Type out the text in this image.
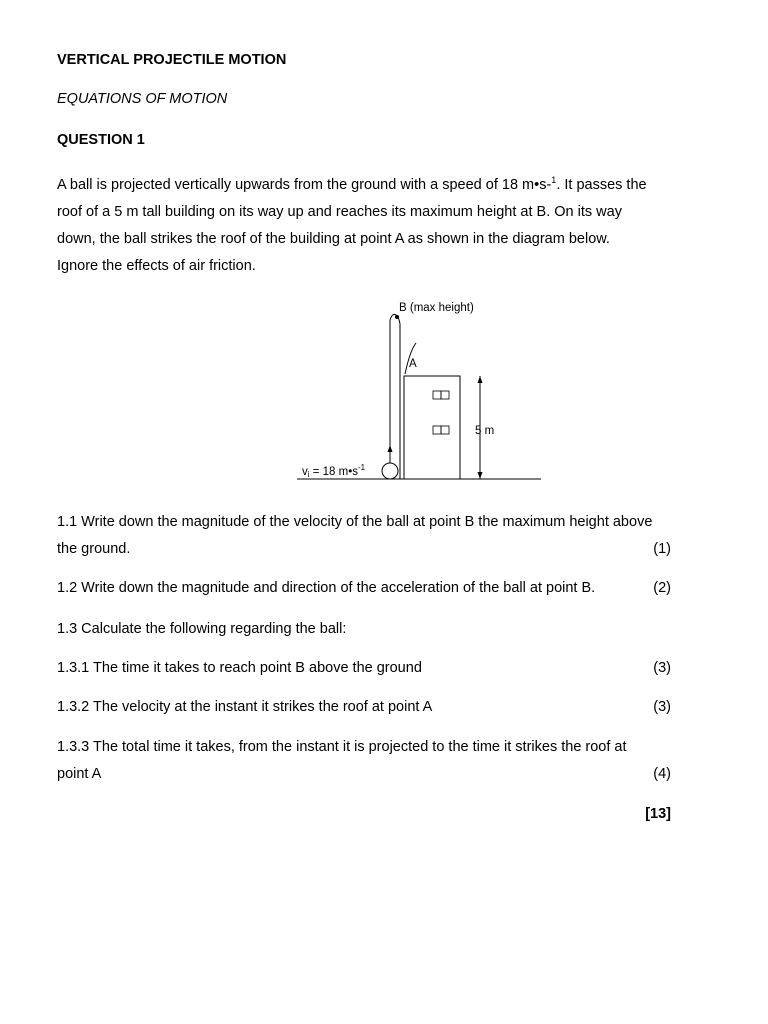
VERTICAL PROJECTILE MOTION
EQUATIONS OF MOTION
QUESTION 1
A ball is projected vertically upwards from the ground with a speed of 18 m•s-$^1$. It passes the
roof of a 5 m tall building on its way up and reaches its maximum height at B. On its way
down, the ball strikes the roof of the building at point A as shown in the diagram below.
Ignore the effects of air friction.
B (max height)
A
5 m
vi = 18 $m•s^{-1}$
1.1 Write down the magnitude of the velocity of the ball at point B the maximum height above
the ground.	(1)
1.2 Write down the magnitude and direction of the acceleration of the ball at point B.	(2)
1.3 Calculate the following regarding the ball:
1.3.1 The time it takes to reach point B above the ground	(3)
1.3.2 The velocity at the instant it strikes the roof at point A	(3)
1.3.3 The total time it takes, from the instant it is projected to the time it strikes the roof at
point A	(4)
[13]
